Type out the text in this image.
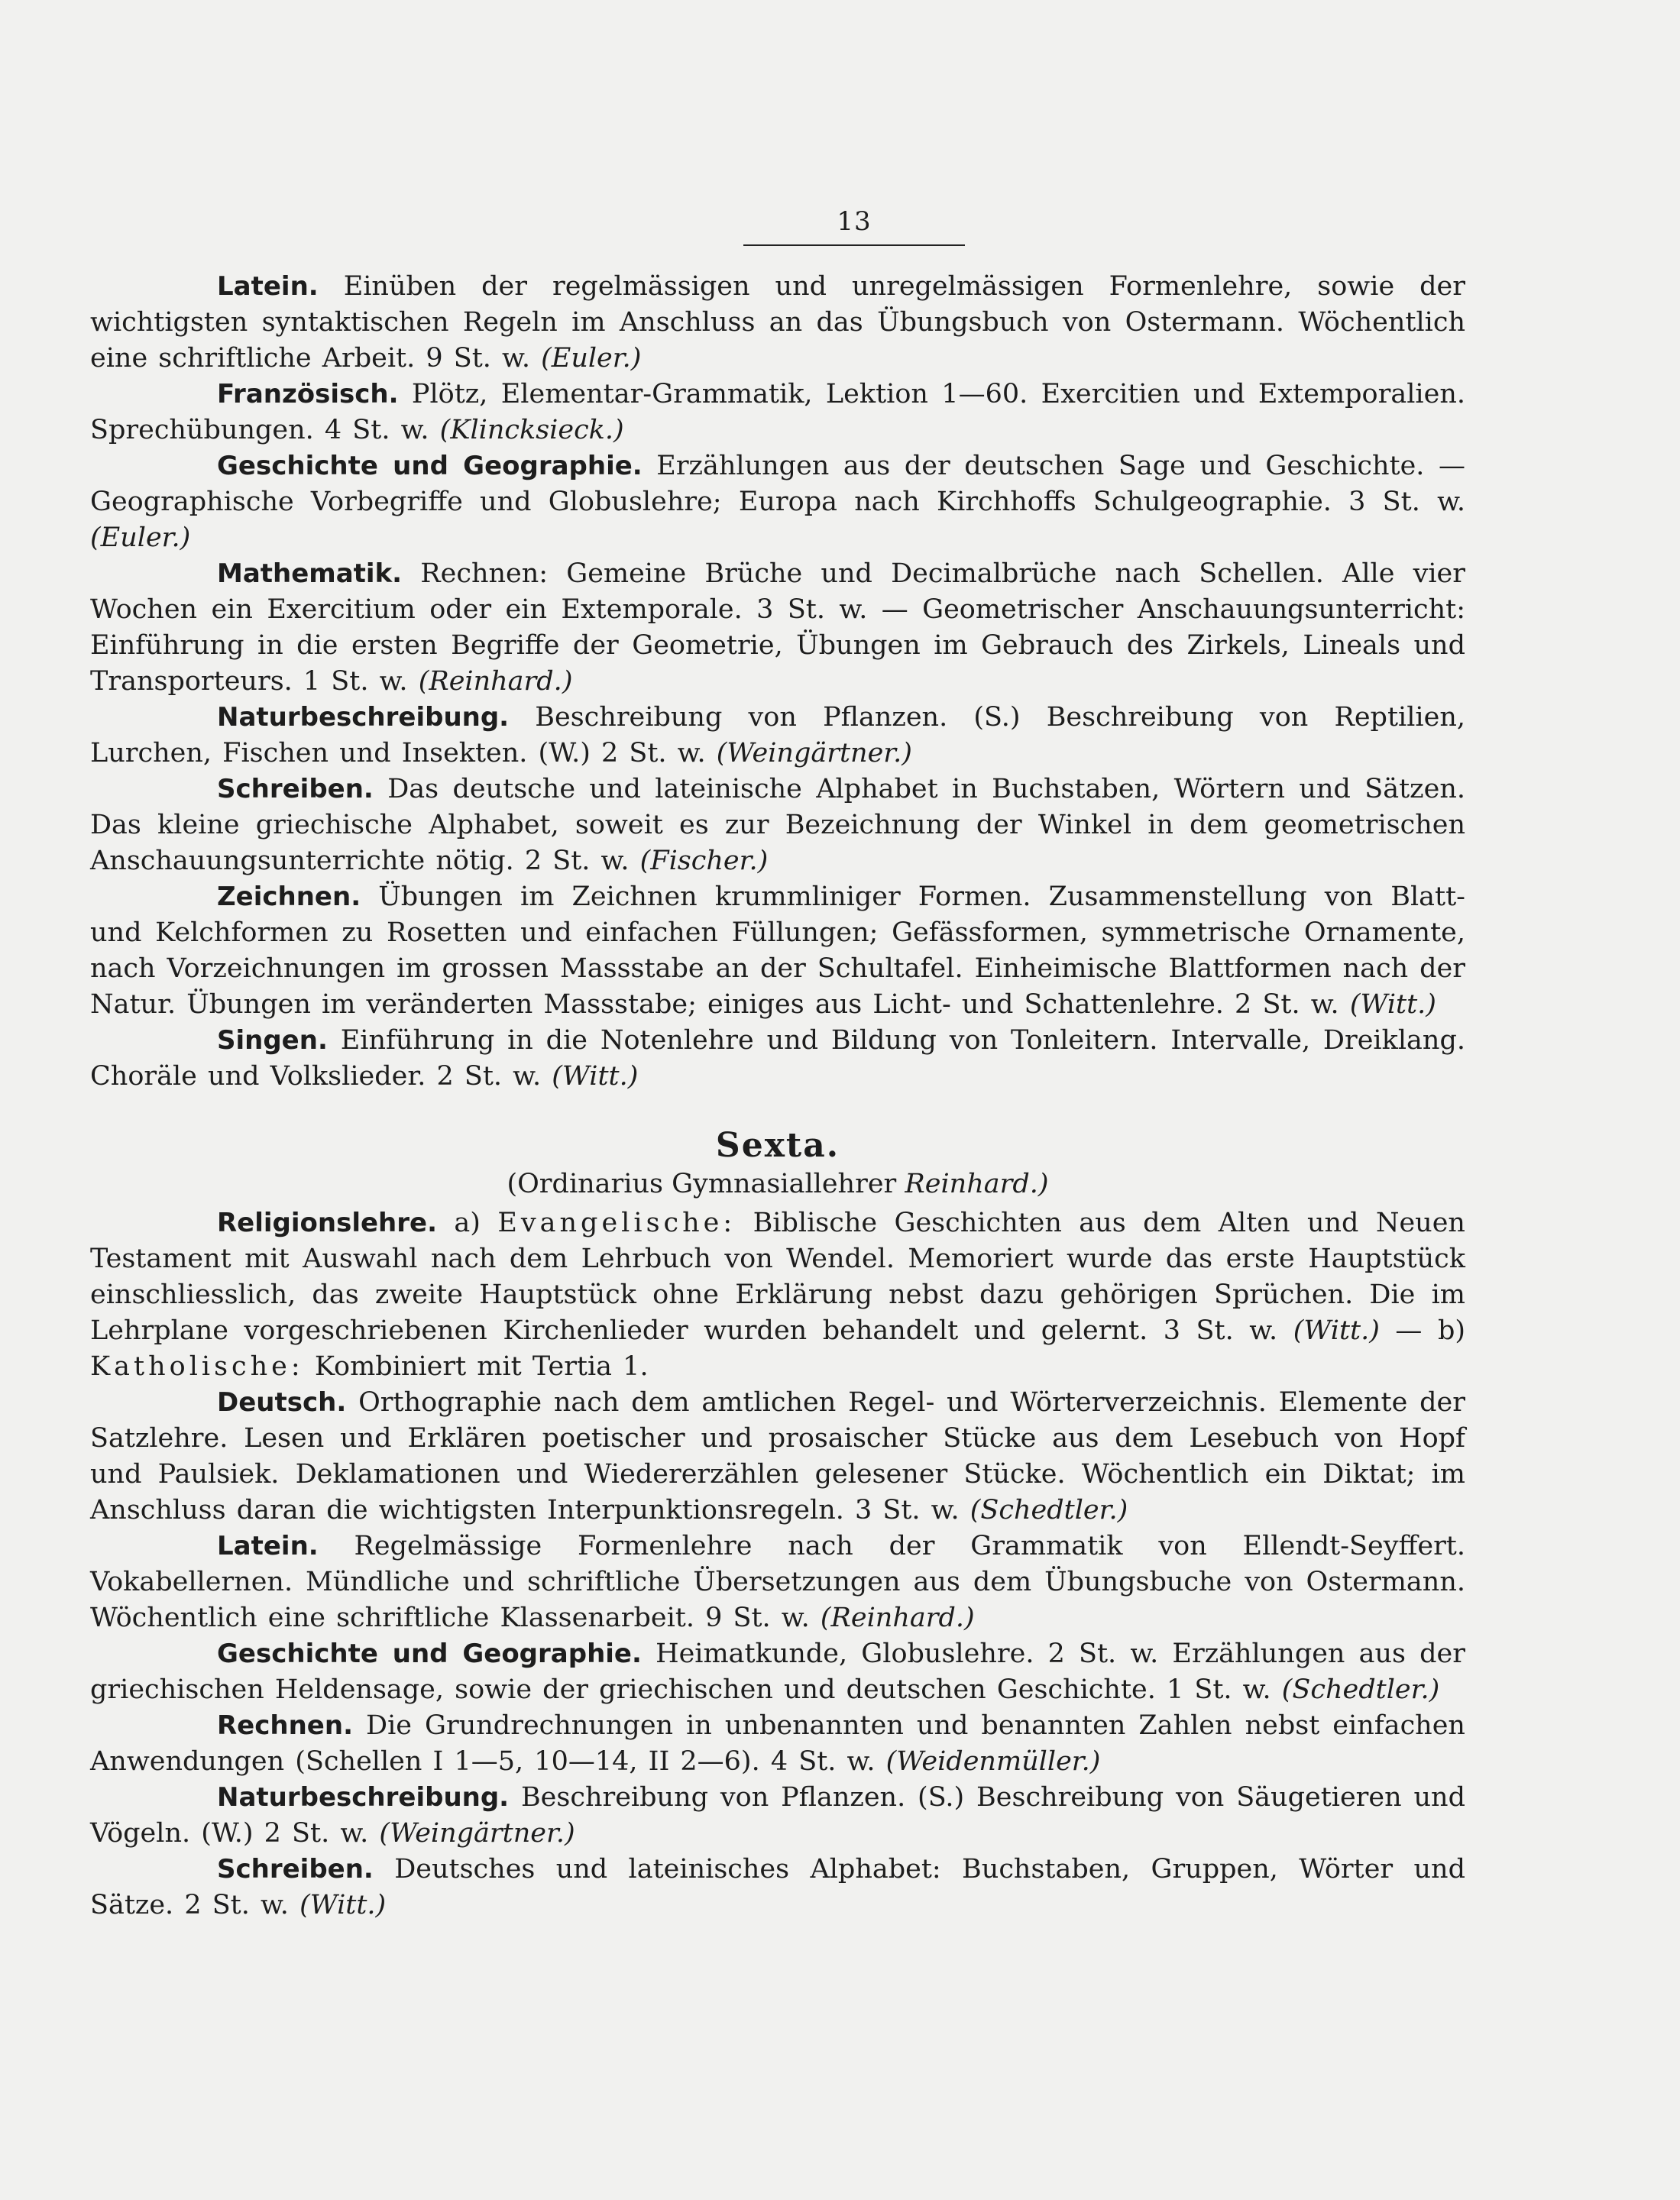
13

Latein. Einüben der regelmässigen und unregelmässigen Formenlehre, sowie der wichtigsten syntaktischen Regeln im Anschluss an das Übungsbuch von Ostermann. Wöchentlich eine schriftliche Arbeit. 9 St. w. (Euler.)

Französisch. Plötz, Elementar-Grammatik, Lektion 1—60. Exercitien und Extemporalien. Sprechübungen. 4 St. w. (Klincksieck.)

Geschichte und Geographie. Erzählungen aus der deutschen Sage und Geschichte. — Geographische Vorbegriffe und Globuslehre; Europa nach Kirchhoffs Schulgeographie. 3 St. w. (Euler.)

Mathematik. Rechnen: Gemeine Brüche und Decimalbrüche nach Schellen. Alle vier Wochen ein Exercitium oder ein Extemporale. 3 St. w. — Geometrischer Anschauungsunterricht: Einführung in die ersten Begriffe der Geometrie, Übungen im Gebrauch des Zirkels, Lineals und Transporteurs. 1 St. w. (Reinhard.)

Naturbeschreibung. Beschreibung von Pflanzen. (S.) Beschreibung von Reptilien, Lurchen, Fischen und Insekten. (W.) 2 St. w. (Weingärtner.)

Schreiben. Das deutsche und lateinische Alphabet in Buchstaben, Wörtern und Sätzen. Das kleine griechische Alphabet, soweit es zur Bezeichnung der Winkel in dem geometrischen Anschauungsunterrichte nötig. 2 St. w. (Fischer.)

Zeichnen. Übungen im Zeichnen krummliniger Formen. Zusammenstellung von Blatt- und Kelchformen zu Rosetten und einfachen Füllungen; Gefässformen, symmetrische Ornamente, nach Vorzeichnungen im grossen Massstabe an der Schultafel. Einheimische Blattformen nach der Natur. Übungen im veränderten Massstabe; einiges aus Licht- und Schattenlehre. 2 St. w. (Witt.)

Singen. Einführung in die Notenlehre und Bildung von Tonleitern. Intervalle, Dreiklang. Choräle und Volkslieder. 2 St. w. (Witt.)

Sexta.
(Ordinarius Gymnasiallehrer Reinhard.)

Religionslehre. a) Evangelische: Biblische Geschichten aus dem Alten und Neuen Testament mit Auswahl nach dem Lehrbuch von Wendel. Memoriert wurde das erste Hauptstück einschliesslich, das zweite Hauptstück ohne Erklärung nebst dazu gehörigen Sprüchen. Die im Lehrplane vorgeschriebenen Kirchenlieder wurden behandelt und gelernt. 3 St. w. (Witt.) — b) Katholische: Kombiniert mit Tertia 1.

Deutsch. Orthographie nach dem amtlichen Regel- und Wörterverzeichnis. Elemente der Satzlehre. Lesen und Erklären poetischer und prosaischer Stücke aus dem Lesebuch von Hopf und Paulsiek. Deklamationen und Wiedererzählen gelesener Stücke. Wöchentlich ein Diktat; im Anschluss daran die wichtigsten Interpunktionsregeln. 3 St. w. (Schedtler.)

Latein. Regelmässige Formenlehre nach der Grammatik von Ellendt-Seyffert. Vokabellernen. Mündliche und schriftliche Übersetzungen aus dem Übungsbuche von Ostermann. Wöchentlich eine schriftliche Klassenarbeit. 9 St. w. (Reinhard.)

Geschichte und Geographie. Heimatkunde, Globuslehre. 2 St. w. Erzählungen aus der griechischen Heldensage, sowie der griechischen und deutschen Geschichte. 1 St. w. (Schedtler.)

Rechnen. Die Grundrechnungen in unbenannten und benannten Zahlen nebst einfachen Anwendungen (Schellen I 1—5, 10—14, II 2—6). 4 St. w. (Weidenmüller.)

Naturbeschreibung. Beschreibung von Pflanzen. (S.) Beschreibung von Säugetieren und Vögeln. (W.) 2 St. w. (Weingärtner.)

Schreiben. Deutsches und lateinisches Alphabet: Buchstaben, Gruppen, Wörter und Sätze. 2 St. w. (Witt.)
